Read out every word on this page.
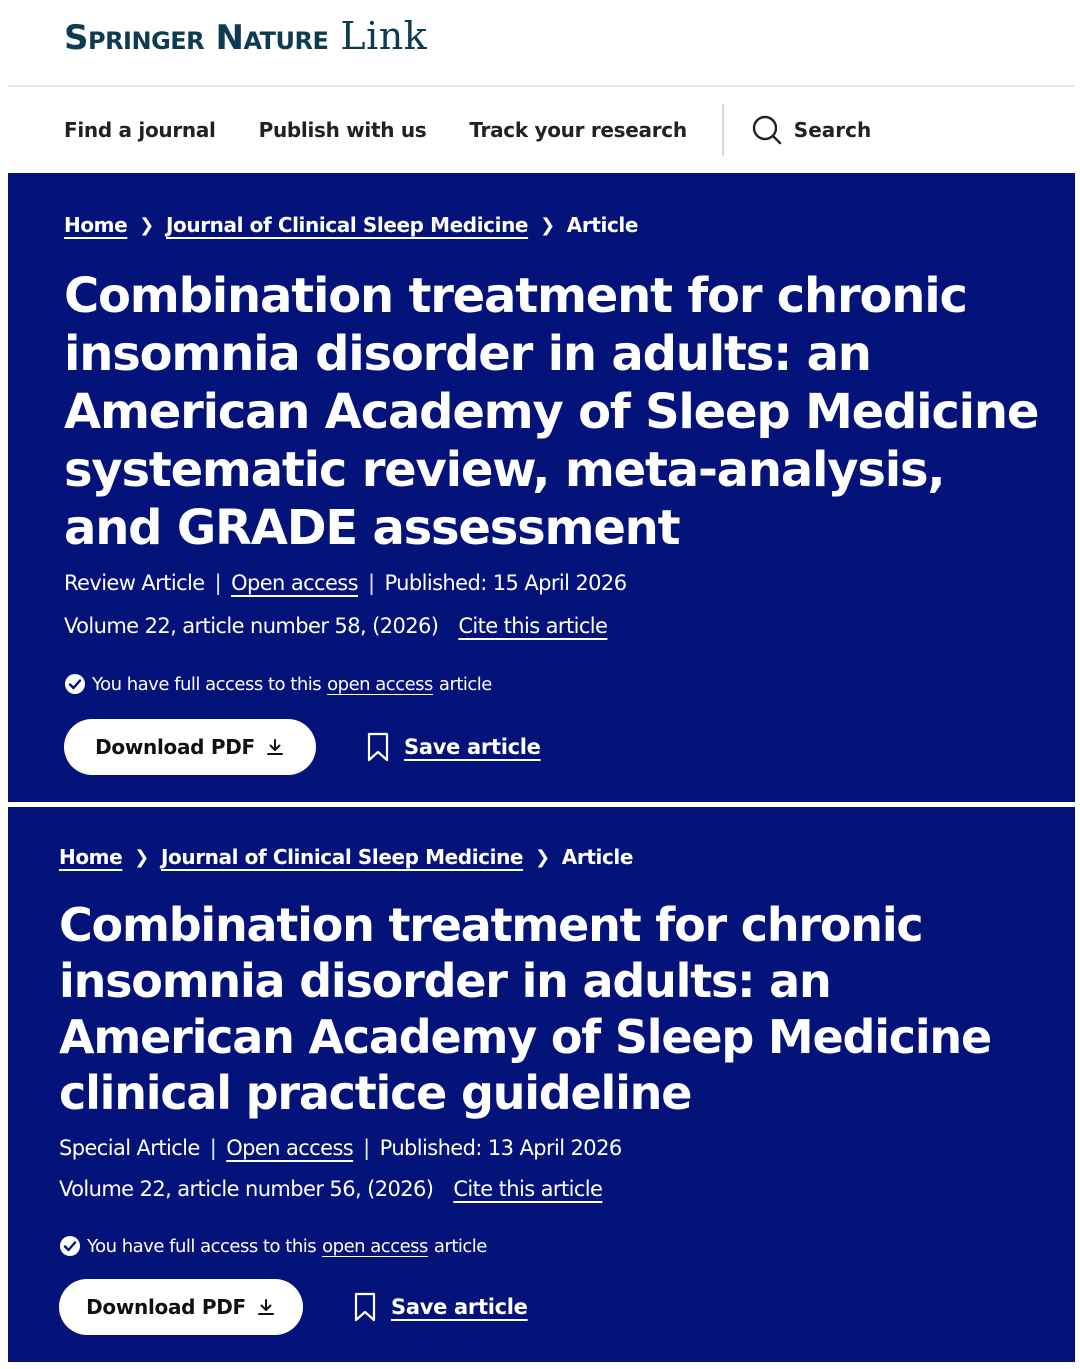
Springer Nature Link
Find a journal Publish with us Track your research	Search
Home ❯ Journal of Clinical Sleep Medicine ❯ Article
Combination treatment for chronic insomnia disorder in adults: an American Academy of Sleep Medicine systematic review, meta-analysis, and GRADE assessment
Review Article | Open access | Published: 15 April 2026
Volume 22, article number 58, (2026) Cite this article
You have full access to this open access article
Download PDF	Save article
Home ❯ Journal of Clinical Sleep Medicine ❯ Article
Combination treatment for chronic insomnia disorder in adults: an American Academy of Sleep Medicine clinical practice guideline
Special Article | Open access | Published: 13 April 2026
Volume 22, article number 56, (2026) Cite this article
You have full access to this open access article
Download PDF	Save article
